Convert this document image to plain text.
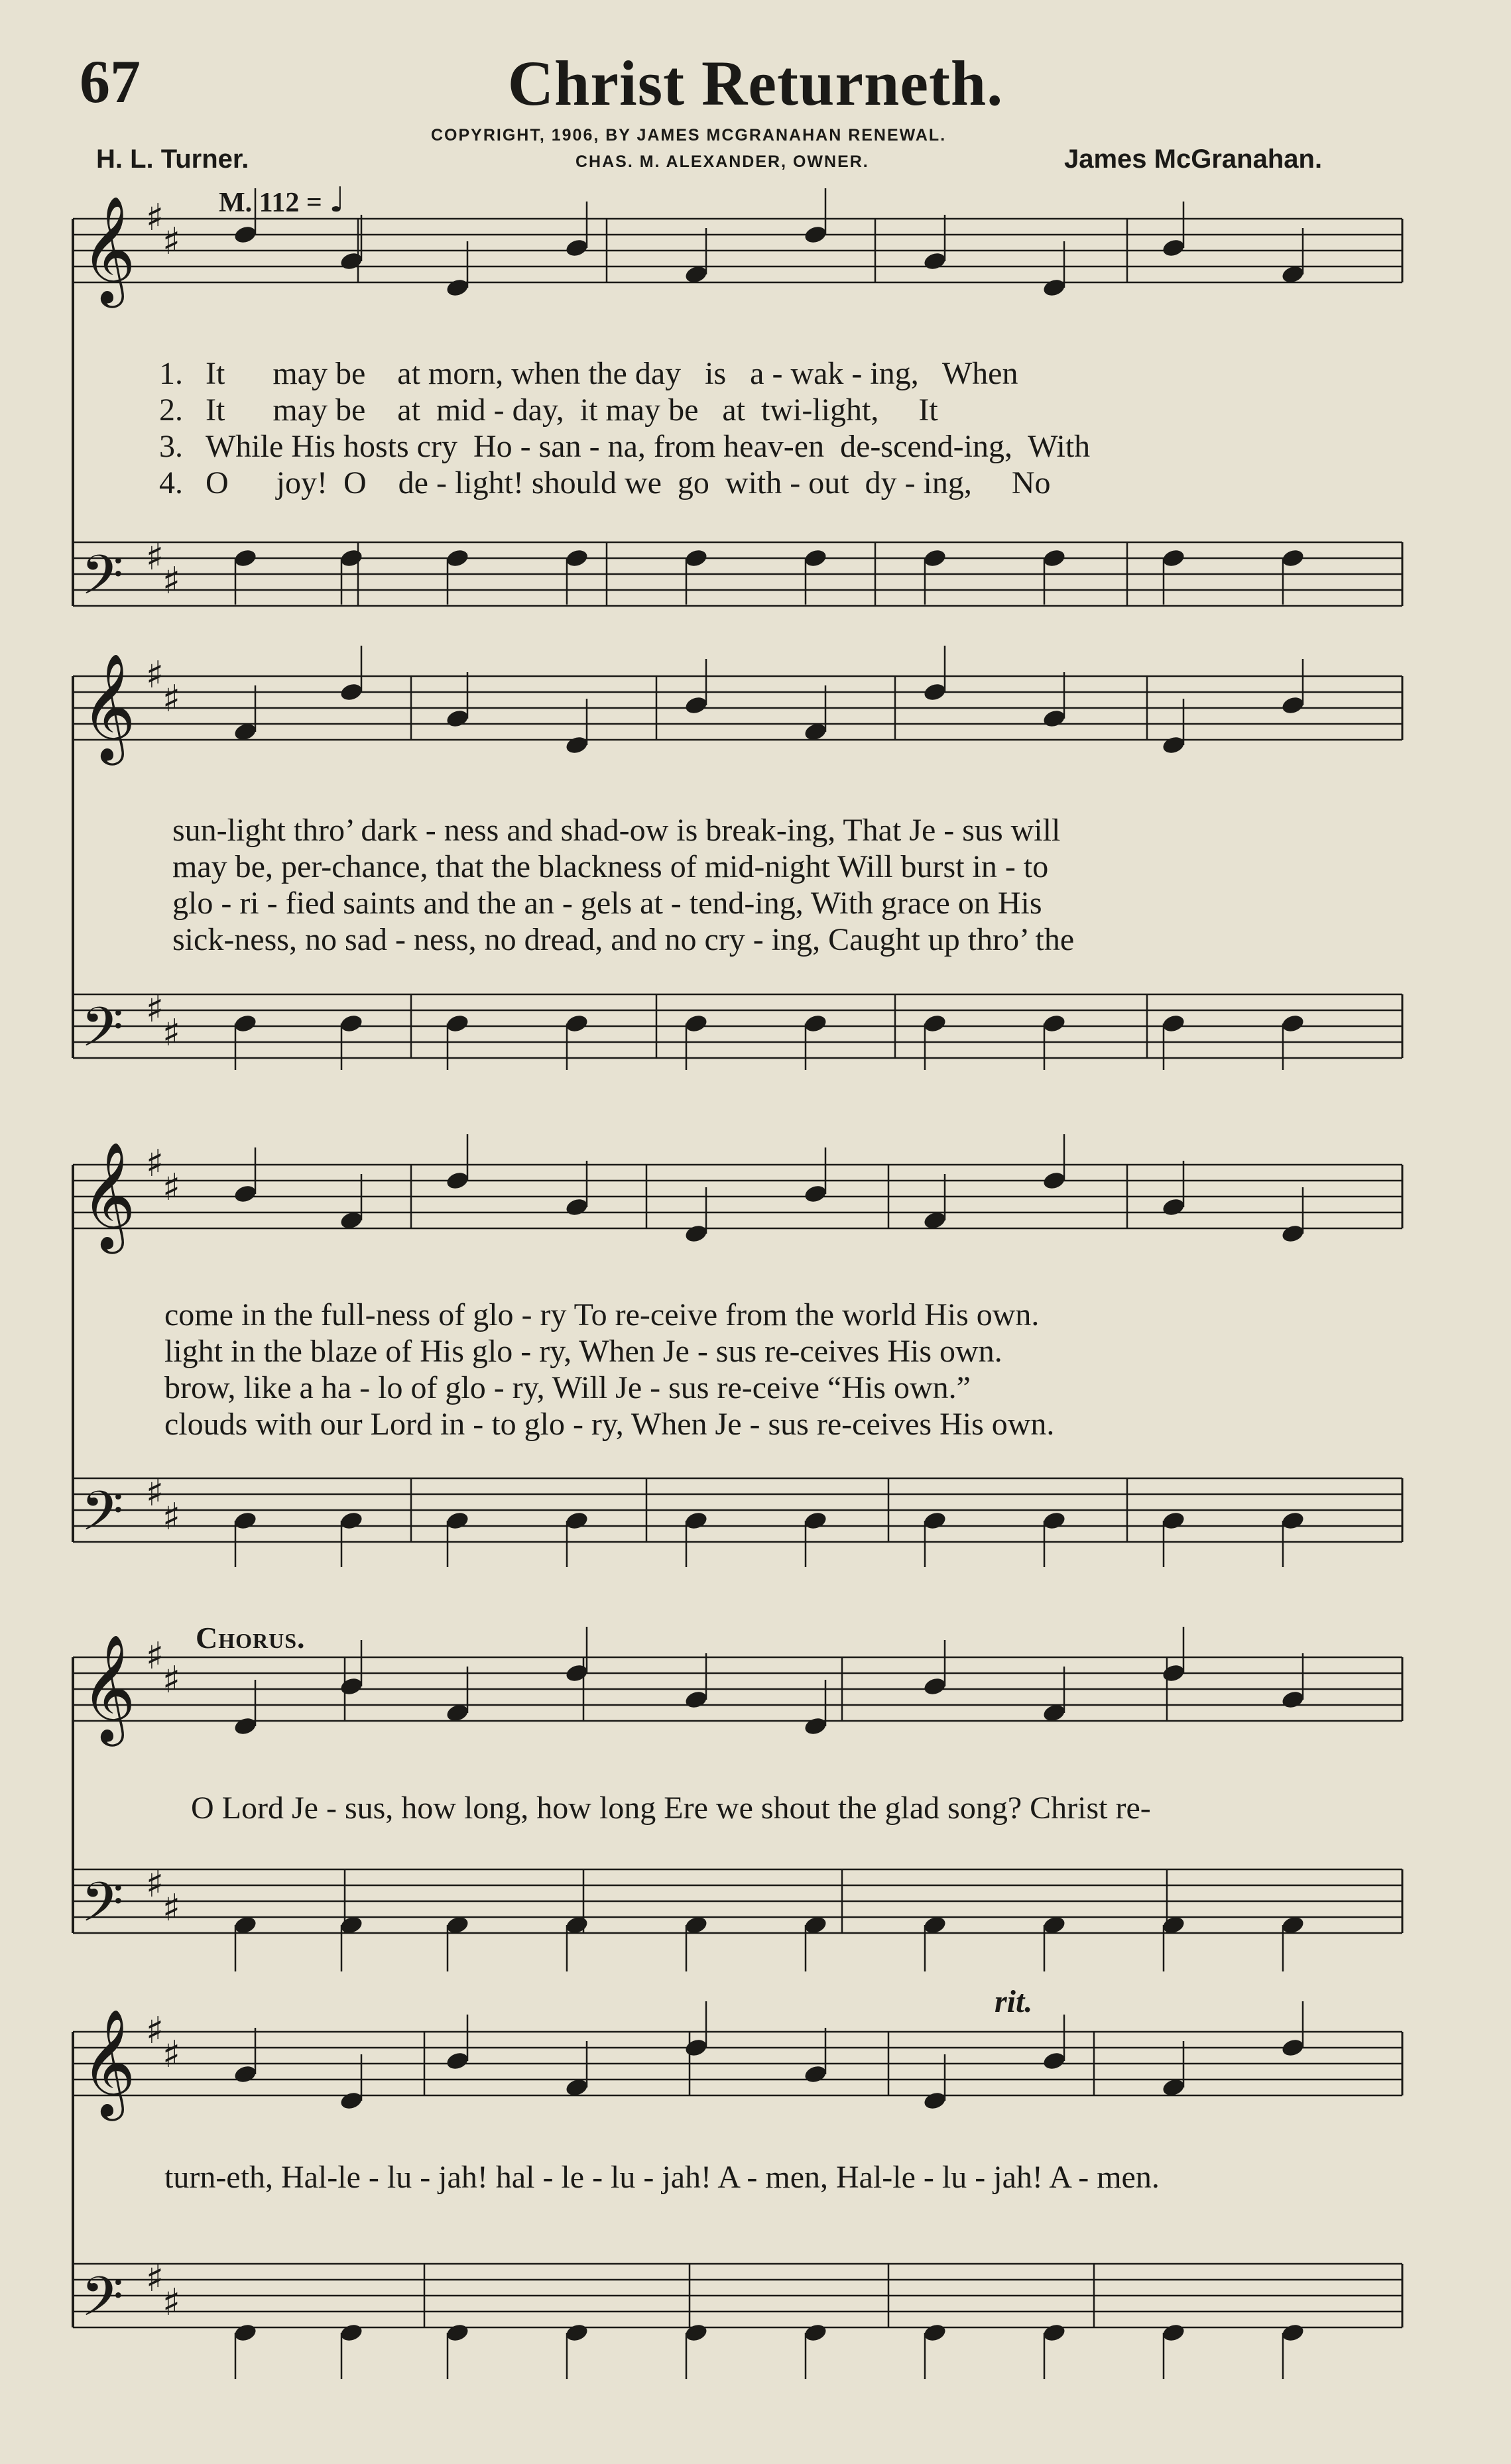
67	Christ Returneth.
COPYRIGHT, 1906, BY JAMES MCGRANAHAN RENEWAL.
CHAS. M. ALEXANDER, OWNER.
H. L. Turner.	James McGranahan.
M. 112 = ♩
𝄞 ♯
♯
𝄢 ♯
♯
𝄞 ♯
♯
𝄢 ♯
♯
𝄞 ♯
♯
𝄢 ♯
♯
𝄞 ♯
♯
𝄢 ♯
♯
𝄞 ♯
♯
𝄢 ♯
♯
1. It      may be    at morn, when the day   is   a - wak - ing,   When
2. It      may be    at  mid - day,  it may be   at  twi-light,     It
3. While His hosts cry  Ho - san - na, from heav-en  de-scend-ing,  With
4. O      joy!  O    de - light! should we  go  with - out  dy - ing,     No
sun-light thro’ dark - ness and shad-ow is break-ing, That Je - sus will
may be, per-chance, that the blackness of mid-night Will burst in - to
glo - ri - fied saints and the an - gels at - tend-ing, With grace on His
sick-ness, no sad - ness, no dread, and no cry - ing, Caught up thro’ the
come in the full-ness of glo - ry To re-ceive from the world His own.
light in the blaze of His glo - ry, When Je - sus re-ceives His own.
brow, like a ha - lo of glo - ry, Will Je - sus re-ceive “His own.”
clouds with our Lord in - to glo - ry, When Je - sus re-ceives His own.
Chorus.
O Lord Je - sus, how long, how long Ere we shout the glad song? Christ re-
rit.
turn-eth, Hal-le - lu - jah! hal - le - lu - jah! A - men, Hal-le - lu - jah! A - men.
